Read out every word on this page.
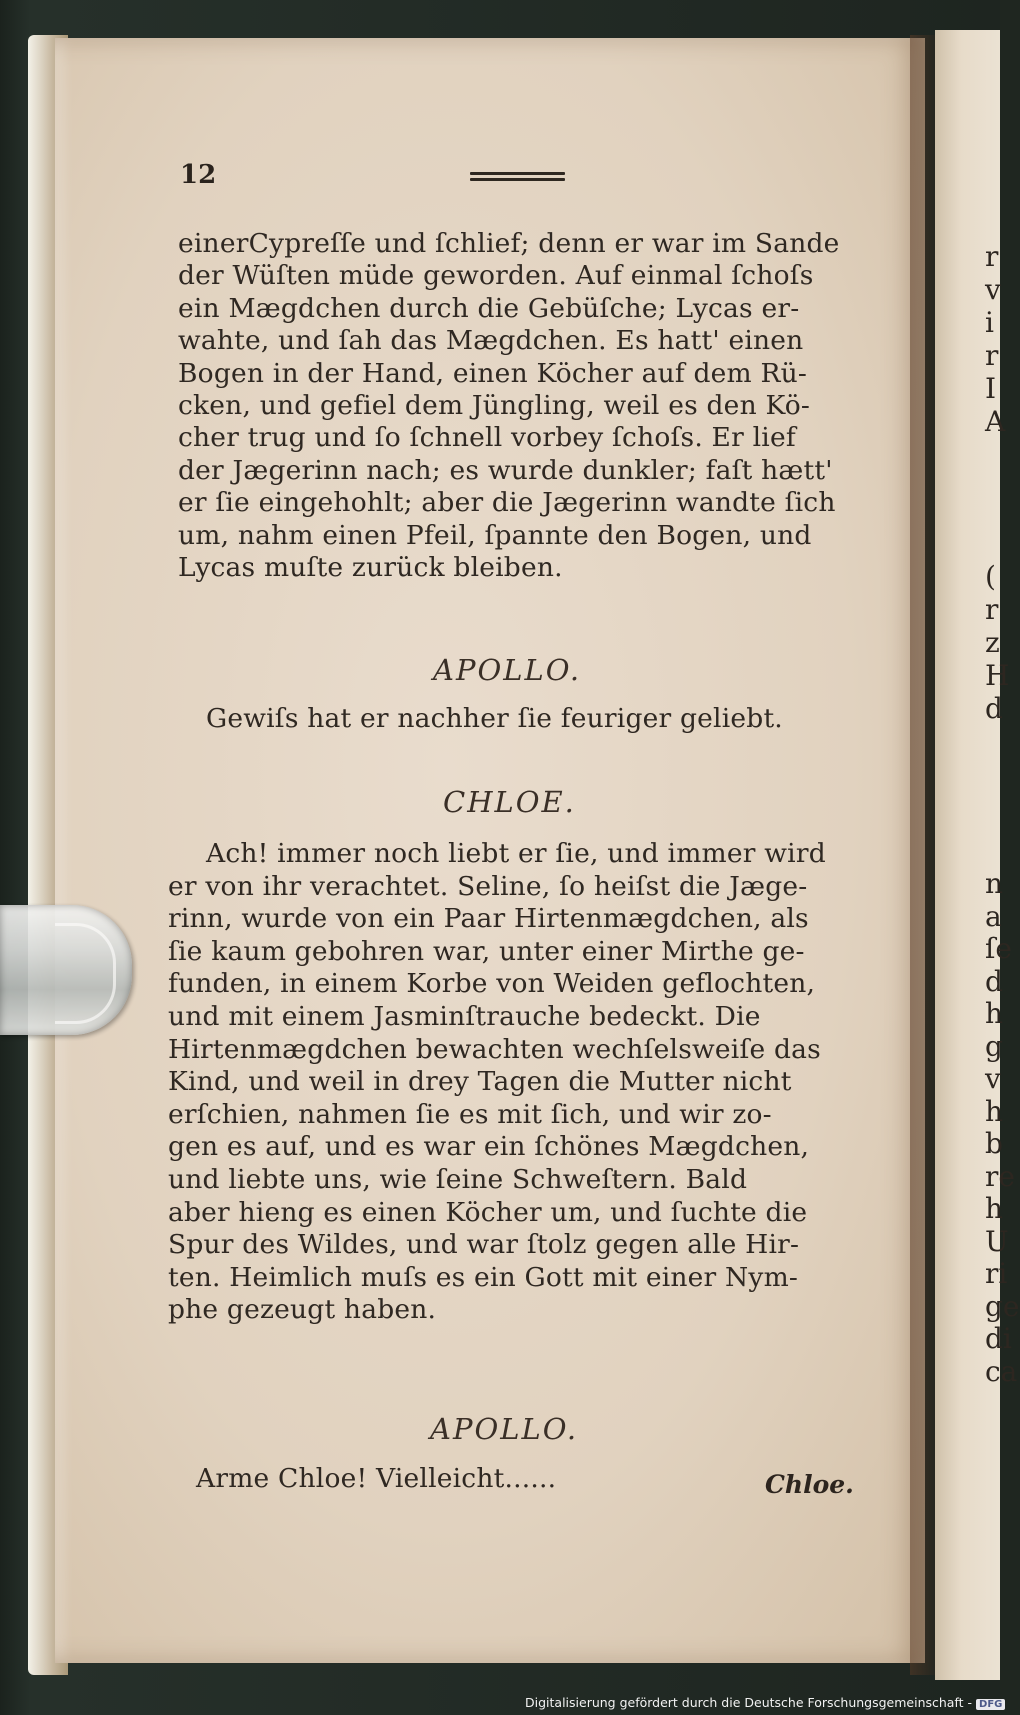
r
v
i
r
I
A
(
r
z
H
d
n
a
ſe
d
h
g
v
h
b
re
h
U
ri
ge
di
ca
12
einerCypreſſe und ſchlief; denn er war im Sande
der Wüſten müde geworden. Auf einmal ſchoſs
ein Mægdchen durch die Gebüſche; Lycas er-
wahte, und ſah das Mægdchen. Es hatt' einen
Bogen in der Hand, einen Köcher auf dem Rü-
cken, und gefiel dem Jüngling, weil es den Kö-
cher trug und ſo ſchnell vorbey ſchoſs. Er lief
der Jægerinn nach; es wurde dunkler; faſt hætt'
er ſie eingehohlt; aber die Jægerinn wandte ſich
um, nahm einen Pfeil, ſpannte den Bogen, und
Lycas muſte zurück bleiben.
APOLLO.
Gewiſs hat er nachher ſie feuriger geliebt.
CHLOE.
Ach! immer noch liebt er ſie, und immer wird
er von ihr verachtet. Seline, ſo heiſst die Jæge-
rinn, wurde von ein Paar Hirtenmægdchen, als
ſie kaum gebohren war, unter einer Mirthe ge-
funden, in einem Korbe von Weiden geflochten,
und mit einem Jasminſtrauche bedeckt. Die
Hirtenmægdchen bewachten wechſelsweiſe das
Kind, und weil in drey Tagen die Mutter nicht
erſchien, nahmen ſie es mit ſich, und wir zo-
gen es auf, und es war ein ſchönes Mægdchen,
und liebte uns, wie ſeine Schweſtern. Bald
aber hieng es einen Köcher um, und ſuchte die
Spur des Wildes, und war ſtolz gegen alle Hir-
ten. Heimlich muſs es ein Gott mit einer Nym-
phe gezeugt haben.
APOLLO.
Arme Chloe! Vielleicht......	Chloe.
Digitalisierung gefördert durch die Deutsche Forschungsgemeinschaft - DFG
